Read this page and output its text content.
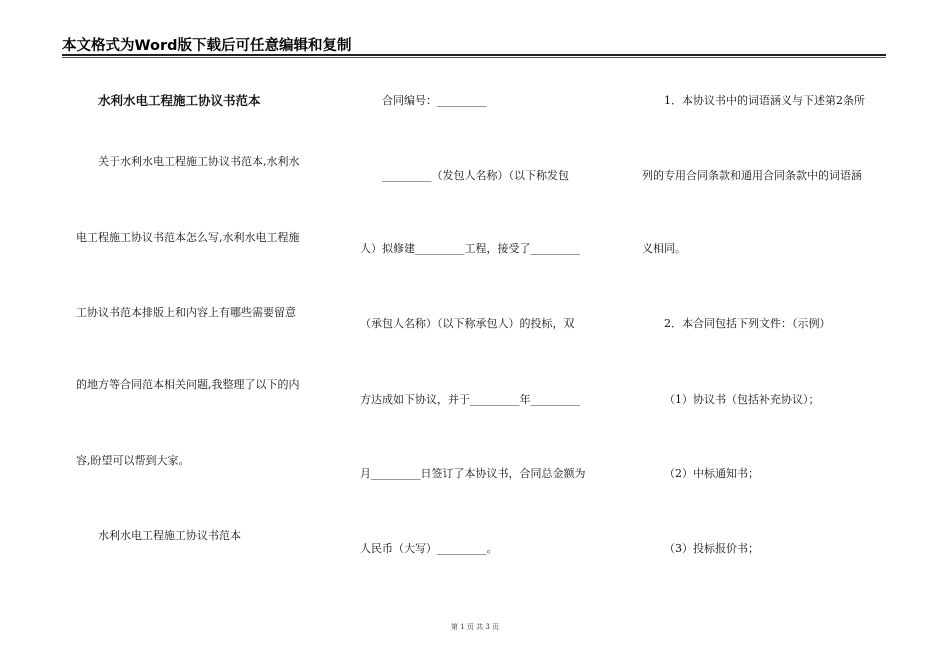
本文格式为Word版下载后可任意编辑和复制
水利水电工程施工协议书范本
关于水利水电工程施工协议书范本,水利水
电工程施工协议书范本怎么写,水利水电工程施
工协议书范本排版上和内容上有哪些需要留意
的地方等合同范本相关问题,我整理了以下的内
容,盼望可以帮到大家。
水利水电工程施工协议书范本
合同编号：_________
_________（发包人名称）（以下称发包
人）拟修建_________工程，接受了_________
（承包人名称）（以下称承包人）的投标，双
方达成如下协议，并于_________年_________
月_________日签订了本协议书，合同总金额为
人民币（大写）_________。
1．本协议书中的词语涵义与下述第2条所
列的专用合同条款和通用合同条款中的词语涵
义相同。
2．本合同包括下列文件：（示例）
（1）协议书（包括补充协议）；
（2）中标通知书；
（3）投标报价书；
第 1 页 共 3 页
